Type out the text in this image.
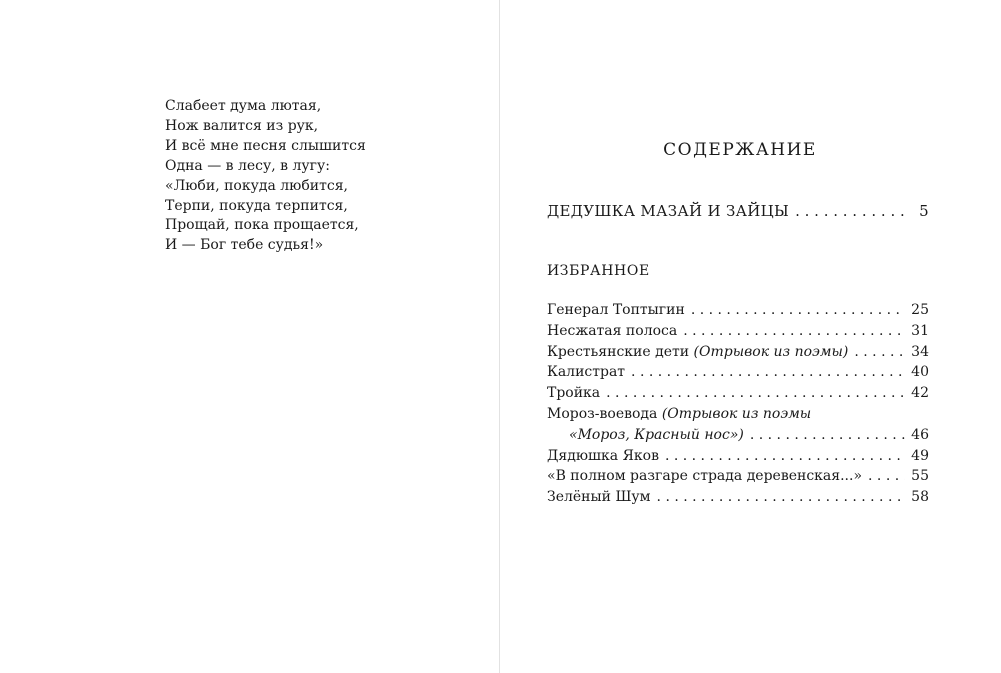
Слабеет дума лютая,
Нож валится из рук,
И всё мне песня слышится
Одна — в лесу, в лугу:
«Люби, покуда любится,
Терпи, покуда терпится,
Прощай, пока прощается,
И — Бог тебе судья!»
СОДЕРЖАНИЕ
ДЕДУШКА МАЗАЙ И ЗАЙЦЫ . . .	5
ИЗБРАННОЕ
Генерал Топтыгин . . .	25
Несжатая полоса . . .	31
Крестьянские дети (Отрывок из поэмы) . . .	34
Калистрат . . .	40
Тройка . . .	42
Мороз-воевода (Отрывок из поэмы
«Мороз, Красный нос») . . .	46
Дядюшка Яков . . .	49
«В полном разгаре страда деревенская...» . . .	55
Зелёный Шум . . .	58
